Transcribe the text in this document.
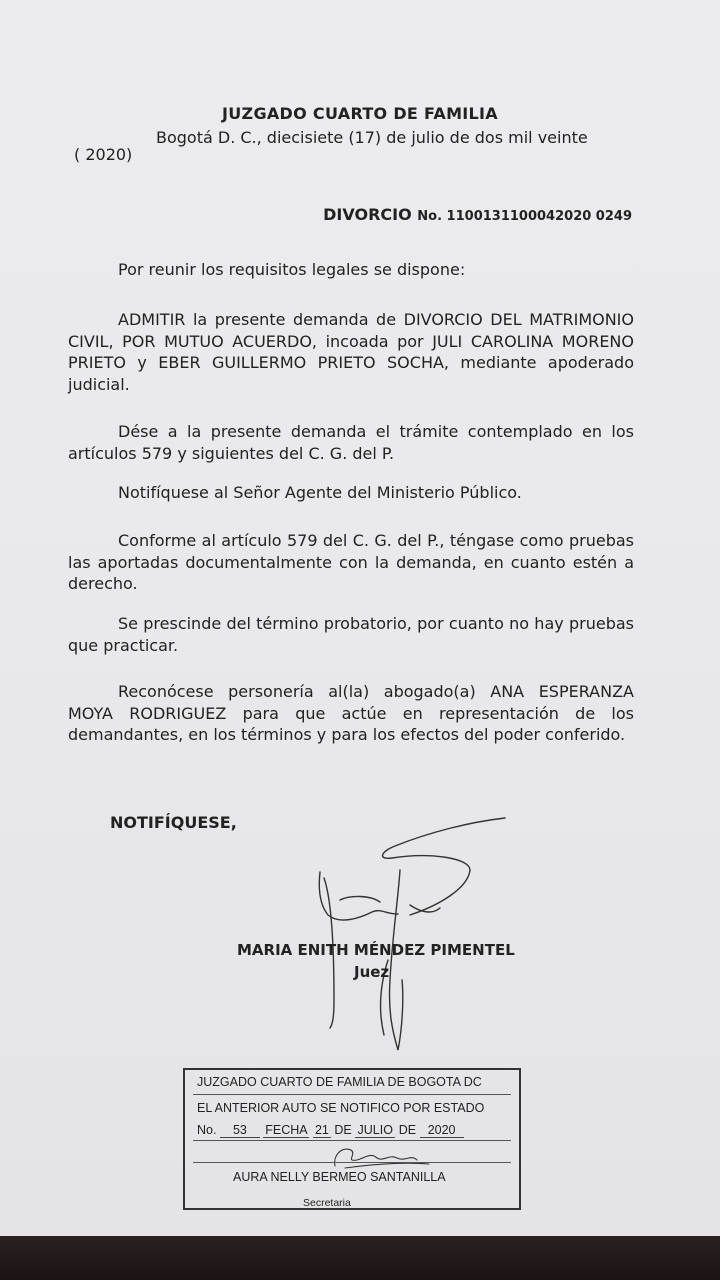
JUZGADO CUARTO DE FAMILIA
Bogotá D. C., diecisiete (17) de julio de dos mil veinte
( 2020)
DIVORCIO No. 1100131100042020 0249
Por reunir los requisitos legales se dispone:
ADMITIR la presente demanda de DIVORCIO DEL MATRIMONIO CIVIL, POR MUTUO ACUERDO, incoada por JULI CAROLINA MORENO PRIETO y EBER GUILLERMO PRIETO SOCHA, mediante apoderado judicial.
Dése a la presente demanda el trámite contemplado en los artículos 579 y siguientes del C. G. del P.
Notifíquese al Señor Agente del Ministerio Público.
Conforme al artículo 579 del C. G. del P., téngase como pruebas las aportadas documentalmente con la demanda, en cuanto estén a derecho.
Se prescinde del término probatorio, por cuanto no hay pruebas que practicar.
Reconócese personería al(la) abogado(a) ANA ESPERANZA MOYA RODRIGUEZ para que actúe en representación de los demandantes, en los términos y para los efectos del poder conferido.
NOTIFÍQUESE,
MARIA ENITH MÉNDEZ PIMENTEL
Juez
JUZGADO CUARTO DE FAMILIA DE BOGOTA DC
EL ANTERIOR AUTO SE NOTIFICO POR ESTADO
No. 53 FECHA 21 DE JULIO DE 2020
AURA NELLY BERMEO SANTANILLA
Secretaria
